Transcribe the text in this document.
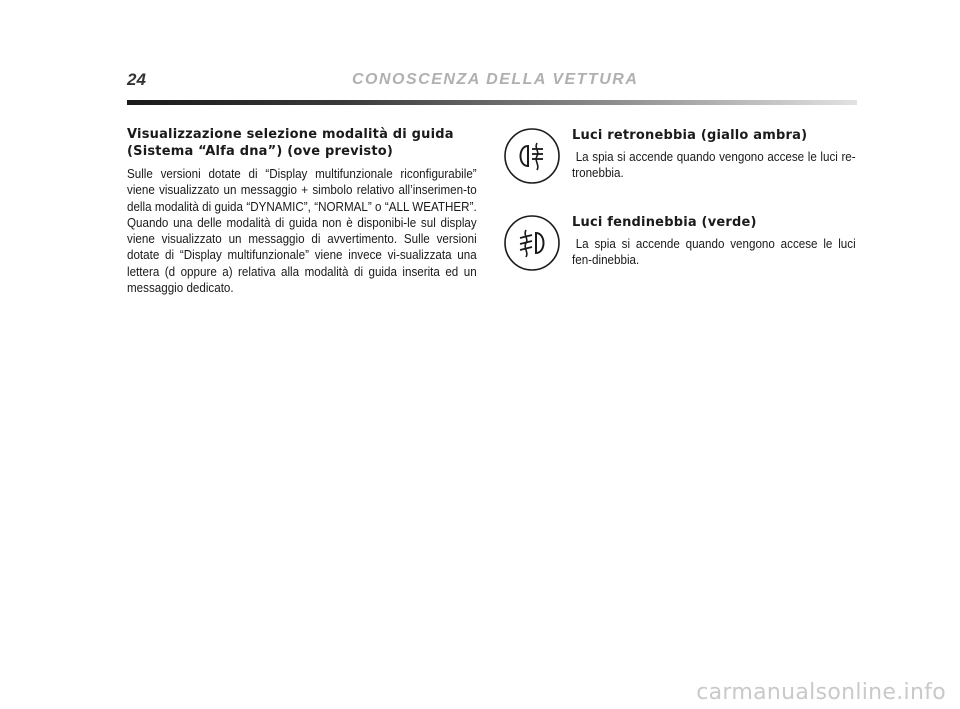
24	CONOSCENZA DELLA VETTURA
Visualizzazione selezione modalità di guida
(Sistema “Alfa dna”) (ove previsto)

Sulle versioni dotate di “Display multifunzionale riconfigurabile” viene visualizzato un messaggio + simbolo relativo all’inserimen-to della modalità di guida “DYNAMIC”, “NORMAL” o “ALL WEATHER”. Quando una delle modalità di guida non è disponibi-le sul display viene visualizzato un messaggio di avvertimento. Sulle versioni dotate di “Display multifunzionale” viene invece vi-sualizzata una lettera (d oppure a) relativa alla modalità di guida inserita ed un messaggio dedicato.

Luci retronebbia (giallo ambra)

La spia si accende quando vengono accese le luci re-tronebbia.

Luci fendinebbia (verde)

La spia si accende quando vengono accese le luci fen-dinebbia.

carmanualsonline.info
